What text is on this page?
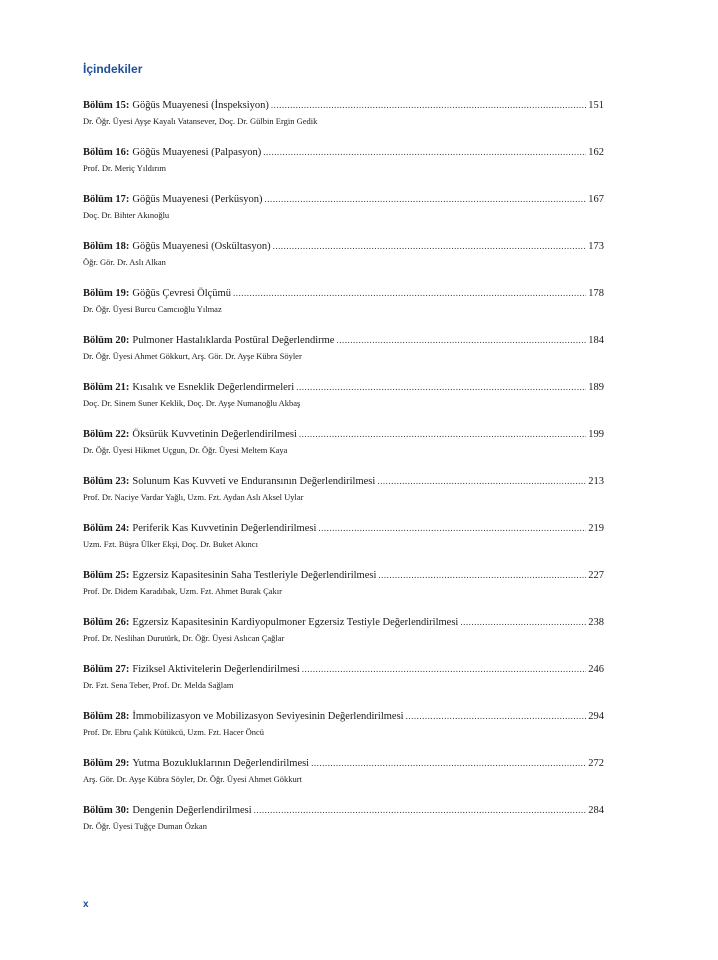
İçindekiler
Bölüm 15: Göğüs Muayenesi (İnspeksiyon) .....	151
Dr. Öğr. Üyesi Ayşe Kayalı Vatansever, Doç. Dr. Gülbin Ergin Gedik
Bölüm 16: Göğüs Muayenesi (Palpasyon) .....	162
Prof. Dr. Meriç Yıldırım
Bölüm 17: Göğüs Muayenesi (Perküsyon) .....	167
Doç. Dr. Bihter Akınoğlu
Bölüm 18: Göğüs Muayenesi (Oskültasyon) .....	173
Öğr. Gör. Dr. Aslı Alkan
Bölüm 19: Göğüs Çevresi Ölçümü .....	178
Dr. Öğr. Üyesi Burcu Camcıoğlu Yılmaz
Bölüm 20: Pulmoner Hastalıklarda Postüral Değerlendirme .....	184
Dr. Öğr. Üyesi Ahmet Gökkurt, Arş. Gör. Dr. Ayşe Kübra Söyler
Bölüm 21: Kısalık ve Esneklik Değerlendirmeleri .....	189
Doç. Dr. Sinem Suner Keklik, Doç. Dr. Ayşe Numanoğlu Akbaş
Bölüm 22: Öksürük Kuvvetinin Değerlendirilmesi .....	199
Dr. Öğr. Üyesi Hikmet Uçgun, Dr. Öğr. Üyesi Meltem Kaya
Bölüm 23: Solunum Kas Kuvveti ve Enduransının Değerlendirilmesi .....	213
Prof. Dr. Naciye Vardar Yağlı, Uzm. Fzt. Aydan Aslı Aksel Uylar
Bölüm 24: Periferik Kas Kuvvetinin Değerlendirilmesi .....	219
Uzm. Fzt. Büşra Ülker Ekşi, Doç. Dr. Buket Akıncı
Bölüm 25: Egzersiz Kapasitesinin Saha Testleriyle Değerlendirilmesi .....	227
Prof. Dr. Didem Karadıbak, Uzm. Fzt. Ahmet Burak Çakır
Bölüm 26: Egzersiz Kapasitesinin Kardiyopulmoner Egzersiz Testiyle Değerlendirilmesi .....	238
Prof. Dr. Neslihan Durutürk, Dr. Öğr. Üyesi Aslıcan Çağlar
Bölüm 27: Fiziksel Aktivitelerin Değerlendirilmesi .....	246
Dr. Fzt. Sena Teber, Prof. Dr. Melda Sağlam
Bölüm 28: İmmobilizasyon ve Mobilizasyon Seviyesinin Değerlendirilmesi .....	294
Prof. Dr. Ebru Çalık Kütükcü, Uzm. Fzt. Hacer Öncü
Bölüm 29: Yutma Bozukluklarının Değerlendirilmesi .....	272
Arş. Gör. Dr. Ayşe Kübra Söyler, Dr. Öğr. Üyesi Ahmet Gökkurt
Bölüm 30: Dengenin Değerlendirilmesi .....	284
Dr. Öğr. Üyesi Tuğçe Duman Özkan
x
